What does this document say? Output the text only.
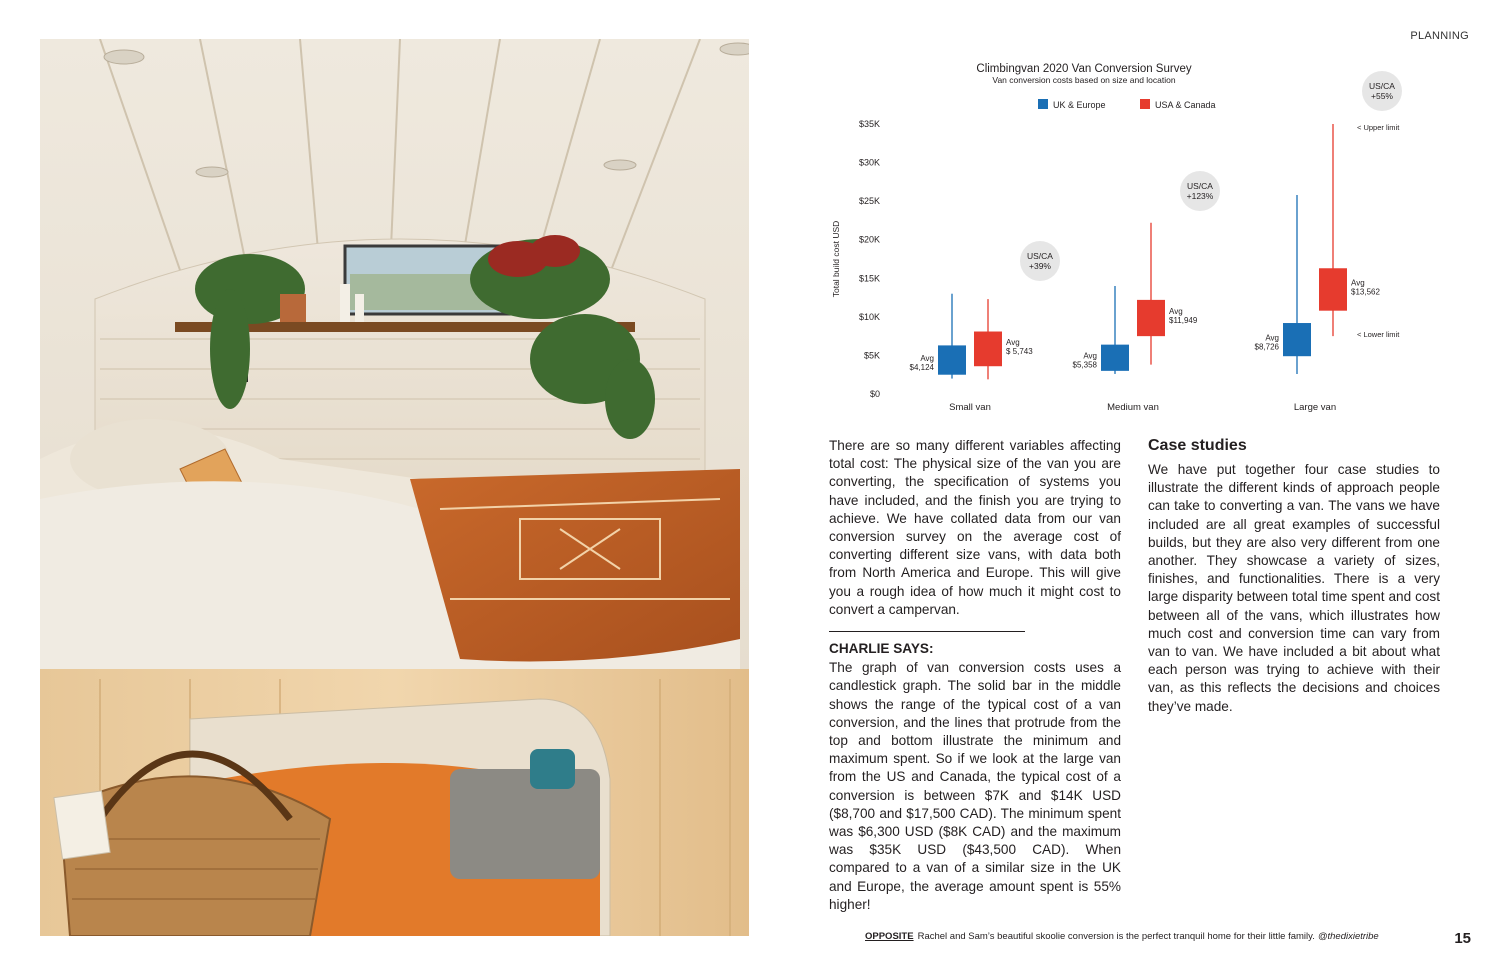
PLANNING
Climbingvan 2020 Van Conversion Survey
Van conversion costs based on size and location
UK & Europe	USA & Canada
$0
$5K
$10K
$15K
$20K
$25K
$30K
$35K
Total build cost USD
Small van	Medium van	Large van
Avg
$4,124
Avg
$5,358
Avg
$8,726
Avg
$ 5,743
Avg
$11,949
Avg
$13,562
US/CA
+39%
US/CA
+123%
US/CA
+55%
< Upper limit
< Lower limit

There are so many different variables affecting total cost: The physical size of the van you are converting, the specification of systems you have included, and the finish you are trying to achieve. We have collated data from our van conversion survey on the average cost of converting different size vans, with data both from North America and Europe. This will give you a rough idea of how much it might cost to convert a campervan.

CHARLIE SAYS:

The graph of van conversion costs uses a candlestick graph. The solid bar in the middle shows the range of the typical cost of a van conversion, and the lines that protrude from the top and bottom illustrate the minimum and maximum spent. So if we look at the large van from the US and Canada, the typical cost of a conversion is between $7K and $14K USD ($8,700 and $17,500 CAD). The minimum spent was $6,300 USD ($8K CAD) and the maximum was $35K USD ($43,500 CAD). When compared to a van of a similar size in the UK and Europe, the average amount spent is 55% higher!

Case studies

We have put together four case studies to illustrate the different kinds of approach people can take to converting a van. The vans we have included are all great examples of successful builds, but they are also very different from one another. They showcase a variety of sizes, finishes, and functionalities. There is a very large disparity between total time spent and cost between all of the vans, which illustrates how much cost and conversion time can vary from van to van. We have included a bit about what each person was trying to achieve with their van, as this reflects the decisions and choices they’ve made.

OPPOSITE Rachel and Sam’s beautiful skoolie conversion is the perfect tranquil home for their little family. @thedixietribe	15
